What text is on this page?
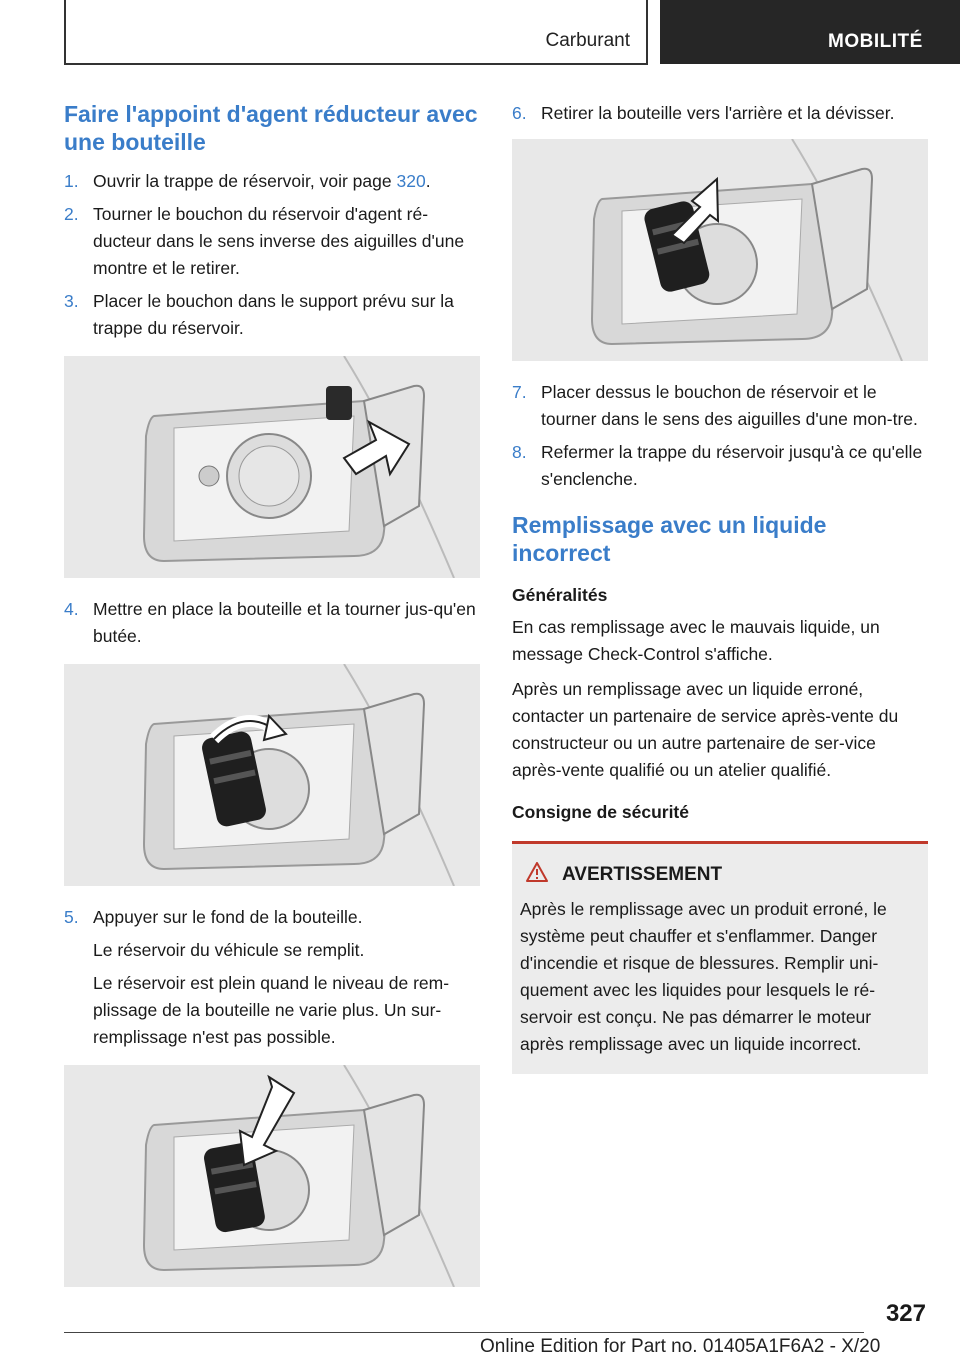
Carburant	MOBILITÉ
Faire l'appoint d'agent réducteur avec une bouteille
1. Ouvrir la trappe de réservoir, voir page 320.
2. Tourner le bouchon du réservoir d'agent ré‐ducteur dans le sens inverse des aiguilles d'une montre et le retirer.
3. Placer le bouchon dans le support prévu sur la trappe du réservoir.
4. Mettre en place la bouteille et la tourner jus‐qu'en butée.
5. Appuyer sur le fond de la bouteille.
Le réservoir du véhicule se remplit.
Le réservoir est plein quand le niveau de rem‐plissage de la bouteille ne varie plus. Un sur‐remplissage n'est pas possible.
6. Retirer la bouteille vers l'arrière et la dévisser.
7. Placer dessus le bouchon de réservoir et le tourner dans le sens des aiguilles d'une mon‐tre.
8. Refermer la trappe du réservoir jusqu'à ce qu'elle s'enclenche.
Remplissage avec un liquide incorrect
Généralités

En cas remplissage avec le mauvais liquide, un message Check-Control s'affiche.

Après un remplissage avec un liquide erroné, contacter un partenaire de service après-vente du constructeur ou un autre partenaire de ser‐vice après-vente qualifié ou un atelier qualifié.

Consigne de sécurité
AVERTISSEMENT
Après le remplissage avec un produit erroné, le système peut chauffer et s'enflammer. Danger d'incendie et risque de blessures. Remplir uni‐quement avec les liquides pour lesquels le ré‐servoir est conçu. Ne pas démarrer le moteur après remplissage avec un liquide incorrect.
327
Online Edition for Part no. 01405A1F6A2 - X/20
